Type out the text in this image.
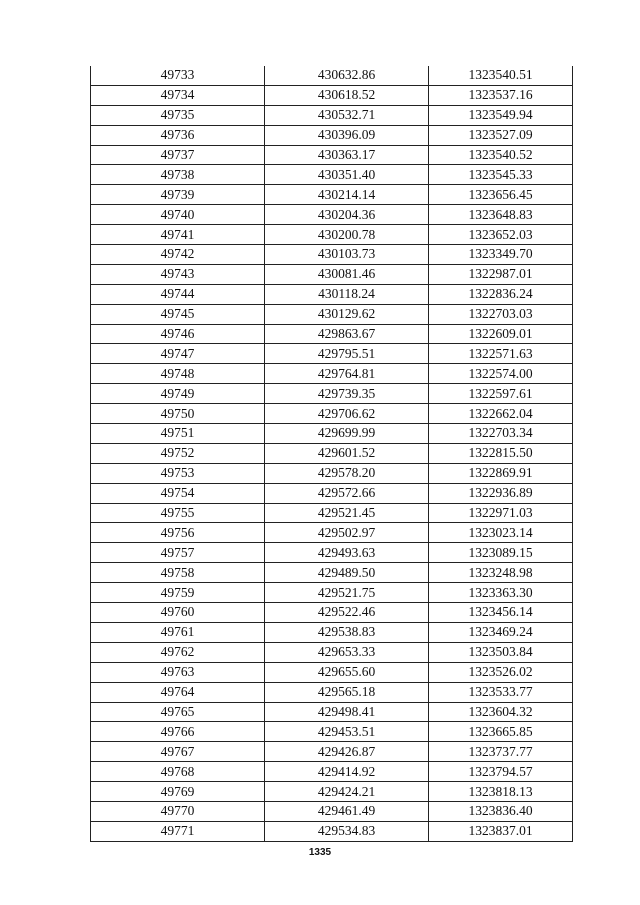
49733	430632.86	1323540.51
49734	430618.52	1323537.16
49735	430532.71	1323549.94
49736	430396.09	1323527.09
49737	430363.17	1323540.52
49738	430351.40	1323545.33
49739	430214.14	1323656.45
49740	430204.36	1323648.83
49741	430200.78	1323652.03
49742	430103.73	1323349.70
49743	430081.46	1322987.01
49744	430118.24	1322836.24
49745	430129.62	1322703.03
49746	429863.67	1322609.01
49747	429795.51	1322571.63
49748	429764.81	1322574.00
49749	429739.35	1322597.61
49750	429706.62	1322662.04
49751	429699.99	1322703.34
49752	429601.52	1322815.50
49753	429578.20	1322869.91
49754	429572.66	1322936.89
49755	429521.45	1322971.03
49756	429502.97	1323023.14
49757	429493.63	1323089.15
49758	429489.50	1323248.98
49759	429521.75	1323363.30
49760	429522.46	1323456.14
49761	429538.83	1323469.24
49762	429653.33	1323503.84
49763	429655.60	1323526.02
49764	429565.18	1323533.77
49765	429498.41	1323604.32
49766	429453.51	1323665.85
49767	429426.87	1323737.77
49768	429414.92	1323794.57
49769	429424.21	1323818.13
49770	429461.49	1323836.40
49771	429534.83	1323837.01
1335
